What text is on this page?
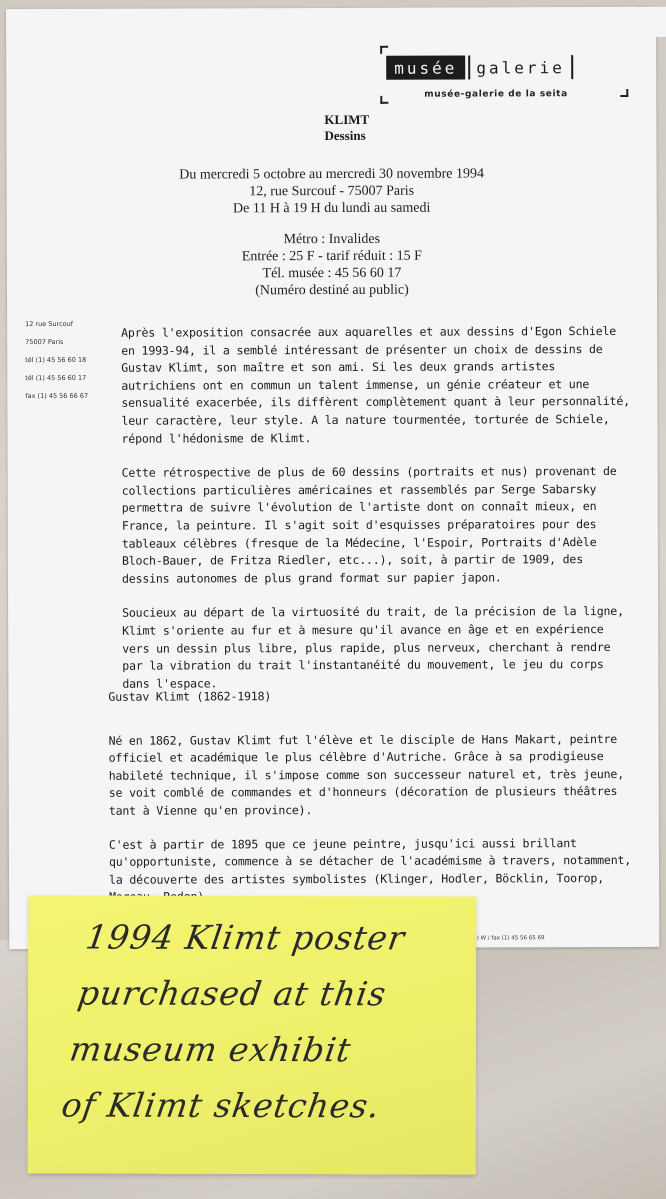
musée	galerie
musée-galerie de la seita
KLIMT
Dessins
Du mercredi 5 octobre au mercredi 30 novembre 1994
12, rue Surcouf - 75007 Paris
De 11 H à 19 H du lundi au samedi
Métro : Invalides
Entrée : 25 F - tarif réduit : 15 F
Tél. musée : 45 56 60 17
(Numéro destiné au public)
12 rue Surcouf
75007 Paris
tél (1) 45 56 60 18
tél (1) 45 56 60 17
fax (1) 45 56 66 67

Après l'exposition consacrée aux aquarelles et aux dessins d'Egon Schiele en 1993-94, il a semblé intéressant de présenter un choix de dessins de Gustav Klimt, son maître et son ami. Si les deux grands artistes autrichiens ont en commun un talent immense, un génie créateur et une sensualité exacerbée, ils diffèrent complètement quant à leur personnalité, leur caractère, leur style. A la nature tourmentée, torturée de Schiele, répond l'hédonisme de Klimt.

Cette rétrospective de plus de 60 dessins (portraits et nus) provenant de collections particulières américaines et rassemblés par Serge Sabarsky permettra de suivre l'évolution de l'artiste dont on connaît mieux, en France, la peinture. Il s'agit soit d'esquisses préparatoires pour des tableaux célèbres (fresque de la Médecine, l'Espoir, Portraits d'Adèle Bloch-Bauer, de Fritza Riedler, etc...), soit, à partir de 1909, des dessins autonomes de plus grand format sur papier japon.

Soucieux au départ de la virtuosité du trait, de la précision de la ligne, Klimt s'oriente au fur et à mesure qu'il avance en âge et en expérience vers un dessin plus libre, plus rapide, plus nerveux, cherchant à rendre par la vibration du trait l'instantanéité du mouvement, le jeu du corps dans l'espace.

Gustav Klimt (1862-1918)

Né en 1862, Gustav Klimt fut l'élève et le disciple de Hans Makart, peintre officiel et académique le plus célèbre d'Autriche. Grâce à sa prodigieuse habileté technique, il s'impose comme son successeur naturel et, très jeune, se voit comblé de commandes et d'honneurs (décoration de plusieurs théâtres tant à Vienne qu'en province).

C'est à partir de 1895 que ce jeune peintre, jusqu'ici aussi brillant qu'opportuniste, commence à se détacher de l'académisme à travers, notamment, la découverte des artistes symbolistes (Klinger, Hodler, Böcklin, Toorop,

I W / fax (1) 45 56 65 69
1994 Klimt poster
purchased at this
museum exhibit
of Klimt sketches.
